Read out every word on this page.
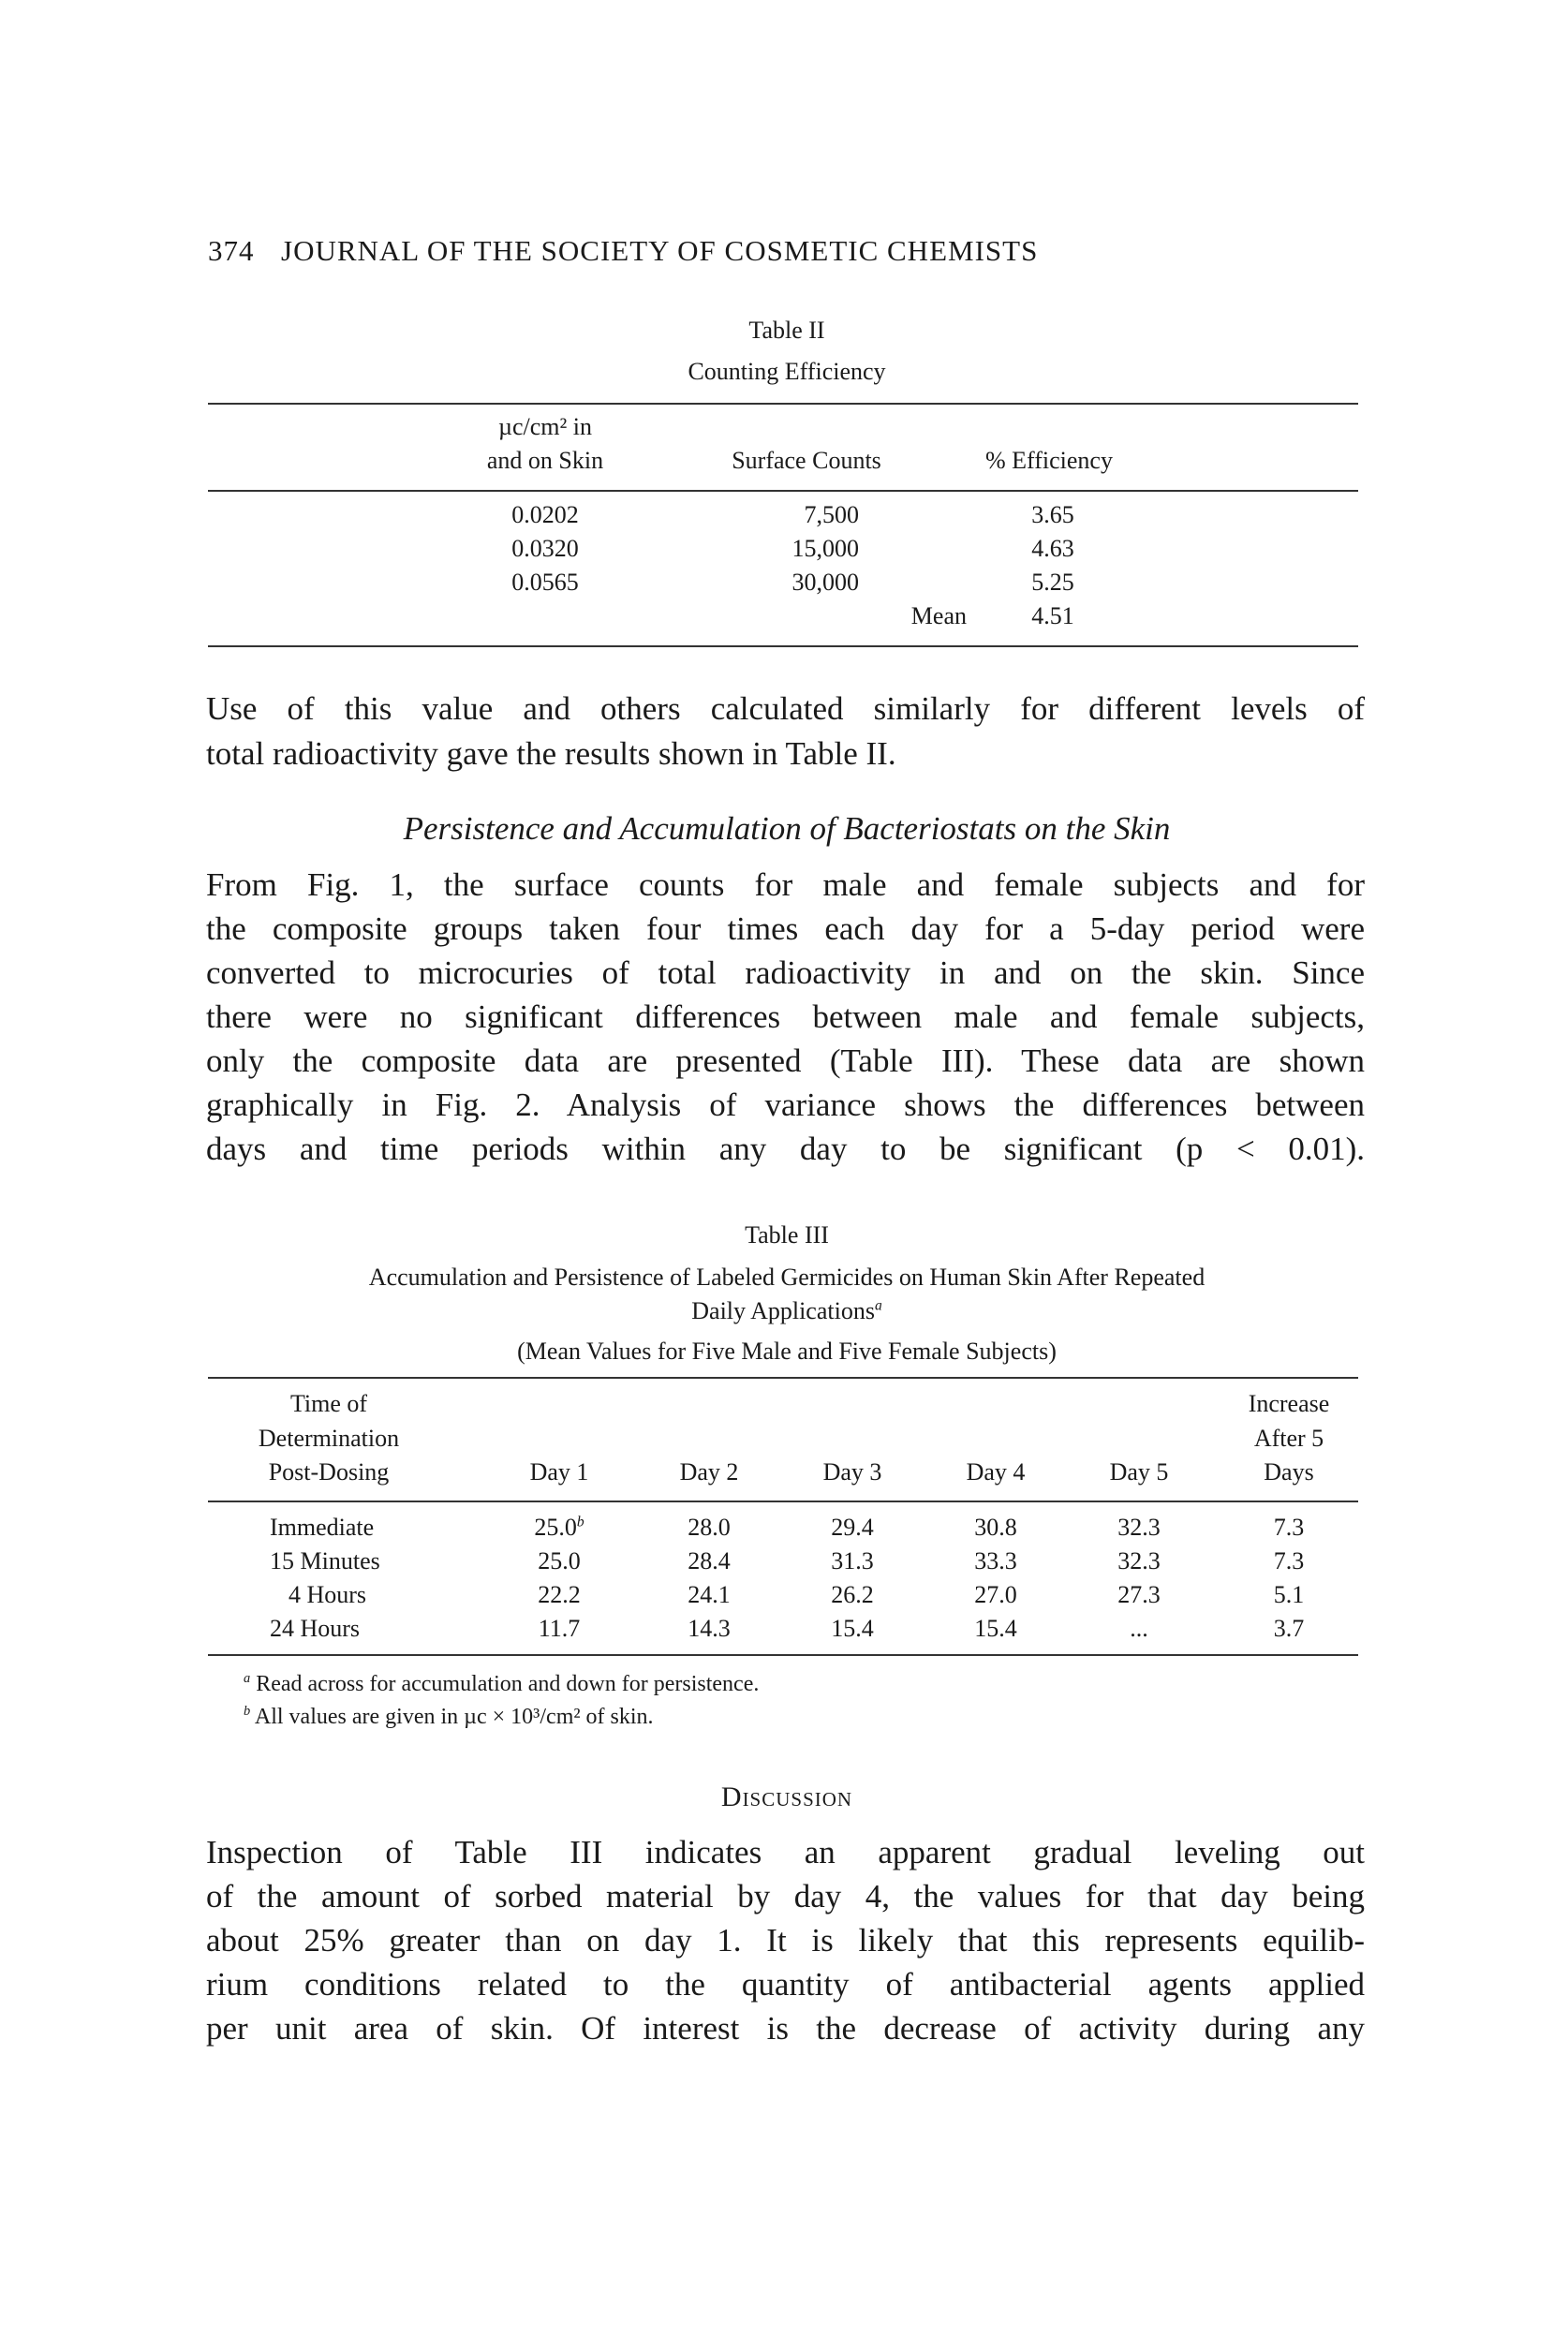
374 JOURNAL OF THE SOCIETY OF COSMETIC CHEMISTS
Table II
Counting Efficiency
µc/cm² in
and on Skin	Surface Counts	% Efficiency
0.0202	7,500	3.65
0.0320	15,000	4.63
0.0565	30,000	5.25
Mean	4.51
Use of this value and others calculated similarly for different levels of
total radioactivity gave the results shown in Table II.
Persistence and Accumulation of Bacteriostats on the Skin
From Fig. 1, the surface counts for male and female subjects and for
the composite groups taken four times each day for a 5-day period were
converted to microcuries of total radioactivity in and on the skin. Since
there were no significant differences between male and female subjects,
only the composite data are presented (Table III). These data are shown
graphically in Fig. 2. Analysis of variance shows the differences between
days and time periods within any day to be significant (p < 0.01).
Table III
Accumulation and Persistence of Labeled Germicides on Human Skin After Repeated
Daily Applications$^a$
(Mean Values for Five Male and Five Female Subjects)
Time of
Determination
Post-Dosing	Day 1	Day 2	Day 3	Day 4	Day 5
Increase
After 5
Days
Immediate	25.0$^b$	28.0	29.4	30.8	32.3	7.3
15 Minutes	25.0	28.4	31.3	33.3	32.3	7.3
4 Hours	22.2	24.1	26.2	27.0	27.3	5.1
24 Hours	11.7	14.3	15.4	15.4	...	3.7
$^a$ Read across for accumulation and down for persistence.
$^b$ All values are given in µc × 10³/cm² of skin.
Discussion
Inspection of Table III indicates an apparent gradual leveling out
of the amount of sorbed material by day 4, the values for that day being
about 25% greater than on day 1. It is likely that this represents equilib-
rium conditions related to the quantity of antibacterial agents applied
per unit area of skin. Of interest is the decrease of activity during any
